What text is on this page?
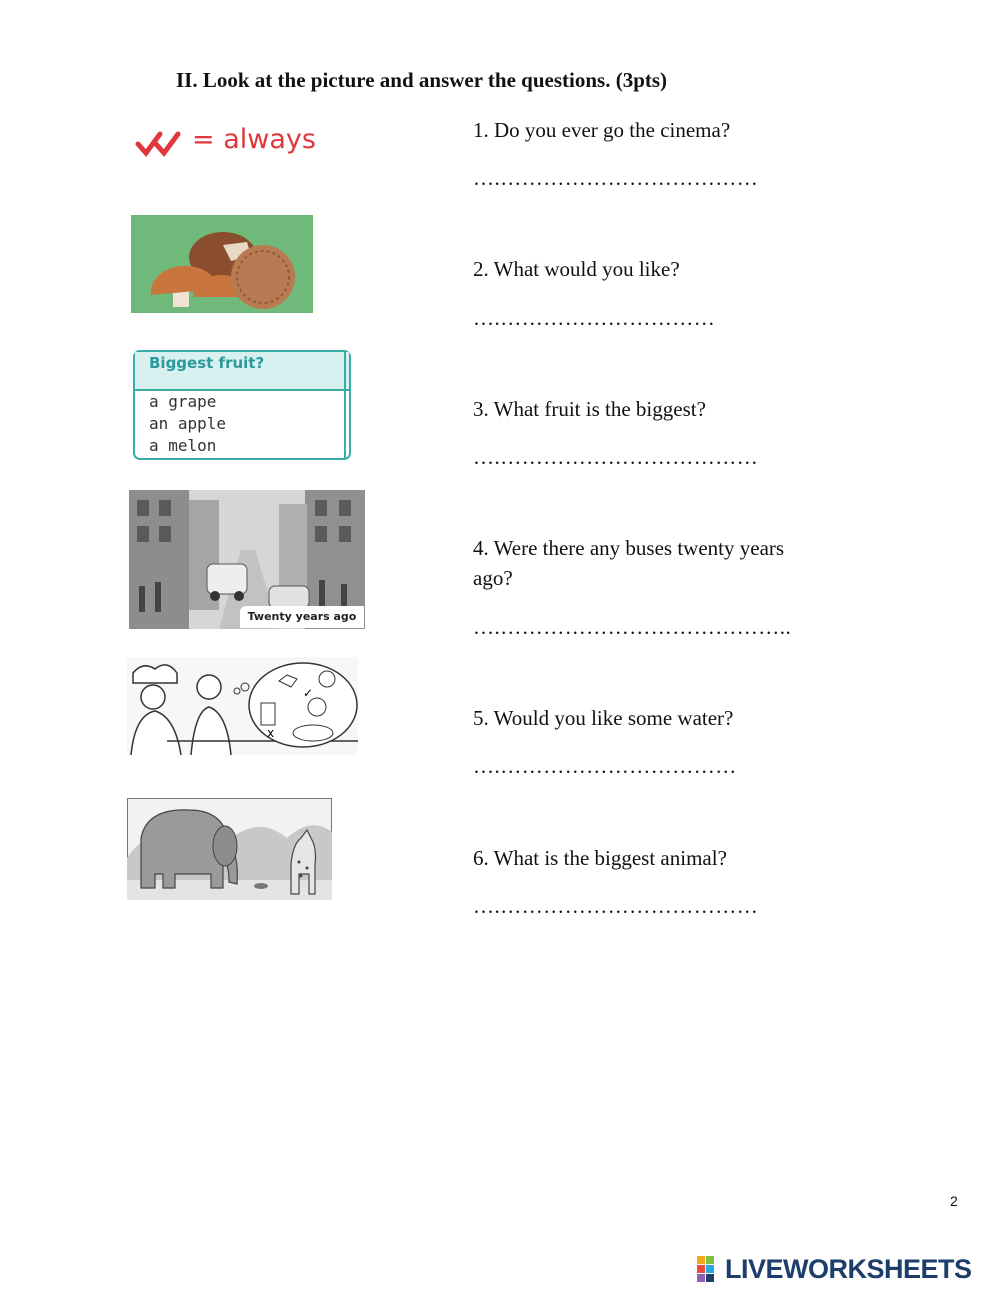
II. Look at the picture and answer the questions. (3pts)
= always
Biggest fruit?
a grape
an apple
a melon
Twenty years ago
x
✓
1. Do you ever go the cinema?
….………………………………
2. What would you like?
….…………………………
3. What fruit is the biggest?
….………………………………
4. Were there any buses twenty years ago?
….…………………………………..
5. Would you like some water?
….……………………………
6. What is the biggest animal?
….………………………………
2
LIVEWORKSHEETS
